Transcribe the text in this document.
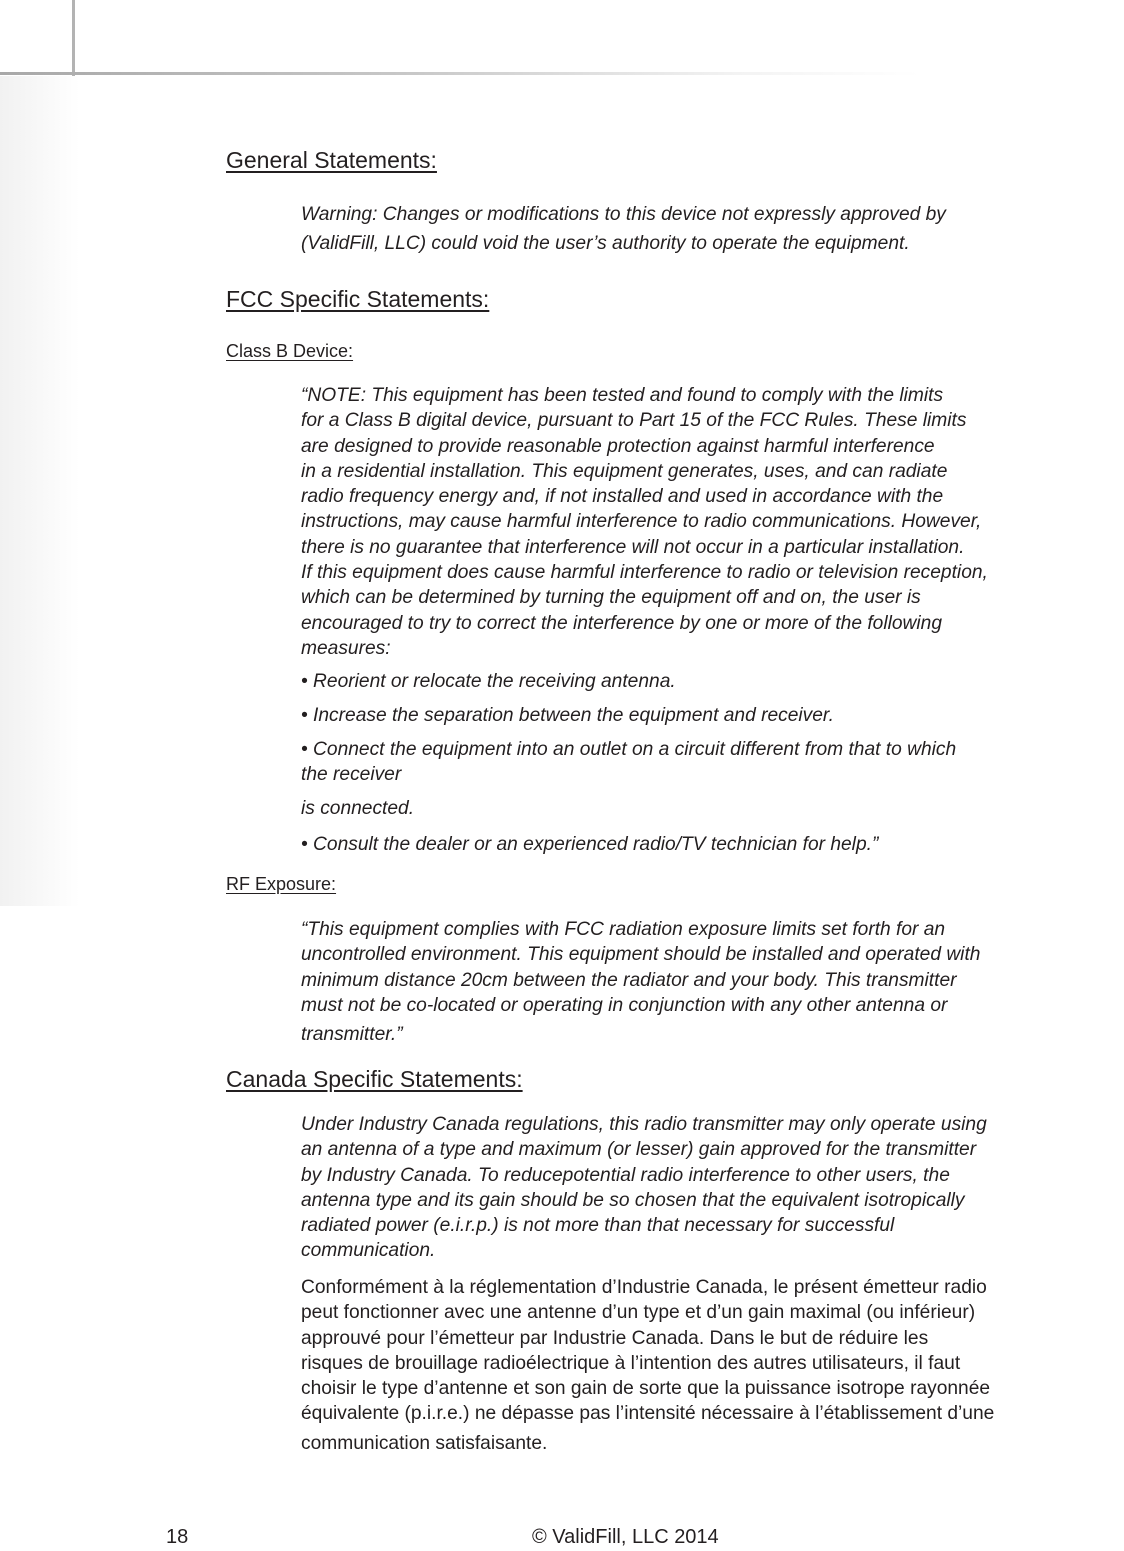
General Statements:
Warning: Changes or modifications to this device not expressly approved by
(ValidFill, LLC) could void the user’s authority to operate the equipment.
FCC Specific Statements:
Class B Device:
“NOTE: This equipment has been tested and found to comply with the limits
for a Class B digital device, pursuant to Part 15 of the FCC Rules. These limits
are designed to provide reasonable protection against harmful interference
in a residential installation. This equipment generates, uses, and can radiate
radio frequency energy and, if not installed and used in accordance with the
instructions, may cause harmful interference to radio communications. However,
there is no guarantee that interference will not occur in a particular installation.
If this equipment does cause harmful interference to radio or television reception,
which can be determined by turning the equipment off and on, the user is
encouraged to try to correct the interference by one or more of the following
measures:
• Reorient or relocate the receiving antenna.
• Increase the separation between the equipment and receiver.
• Connect the equipment into an outlet on a circuit different from that to which
the receiver
is connected.
• Consult the dealer or an experienced radio/TV technician for help.”
RF Exposure:
“This equipment complies with FCC radiation exposure limits set forth for an
uncontrolled environment. This equipment should be installed and operated with
minimum distance 20cm between the radiator and your body. This transmitter
must not be co-located or operating in conjunction with any other antenna or
transmitter.”
Canada Specific Statements:
Under Industry Canada regulations, this radio transmitter may only operate using
an antenna of a type and maximum (or lesser) gain approved for the transmitter
by Industry Canada. To reducepotential radio interference to other users, the
antenna type and its gain should be so chosen that the equivalent isotropically
radiated power (e.i.r.p.) is not more than that necessary for successful
communication.
Conformément à la réglementation d’Industrie Canada, le présent émetteur radio
peut fonctionner avec une antenne d’un type et d’un gain maximal (ou inférieur)
approuvé pour l’émetteur par Industrie Canada. Dans le but de réduire les
risques de brouillage radioélectrique à l’intention des autres utilisateurs, il faut
choisir le type d’antenne et son gain de sorte que la puissance isotrope rayonnée
équivalente (p.i.r.e.) ne dépasse pas l’intensité nécessaire à l’établissement d’une
communication satisfaisante.
18	© ValidFill, LLC 2014
